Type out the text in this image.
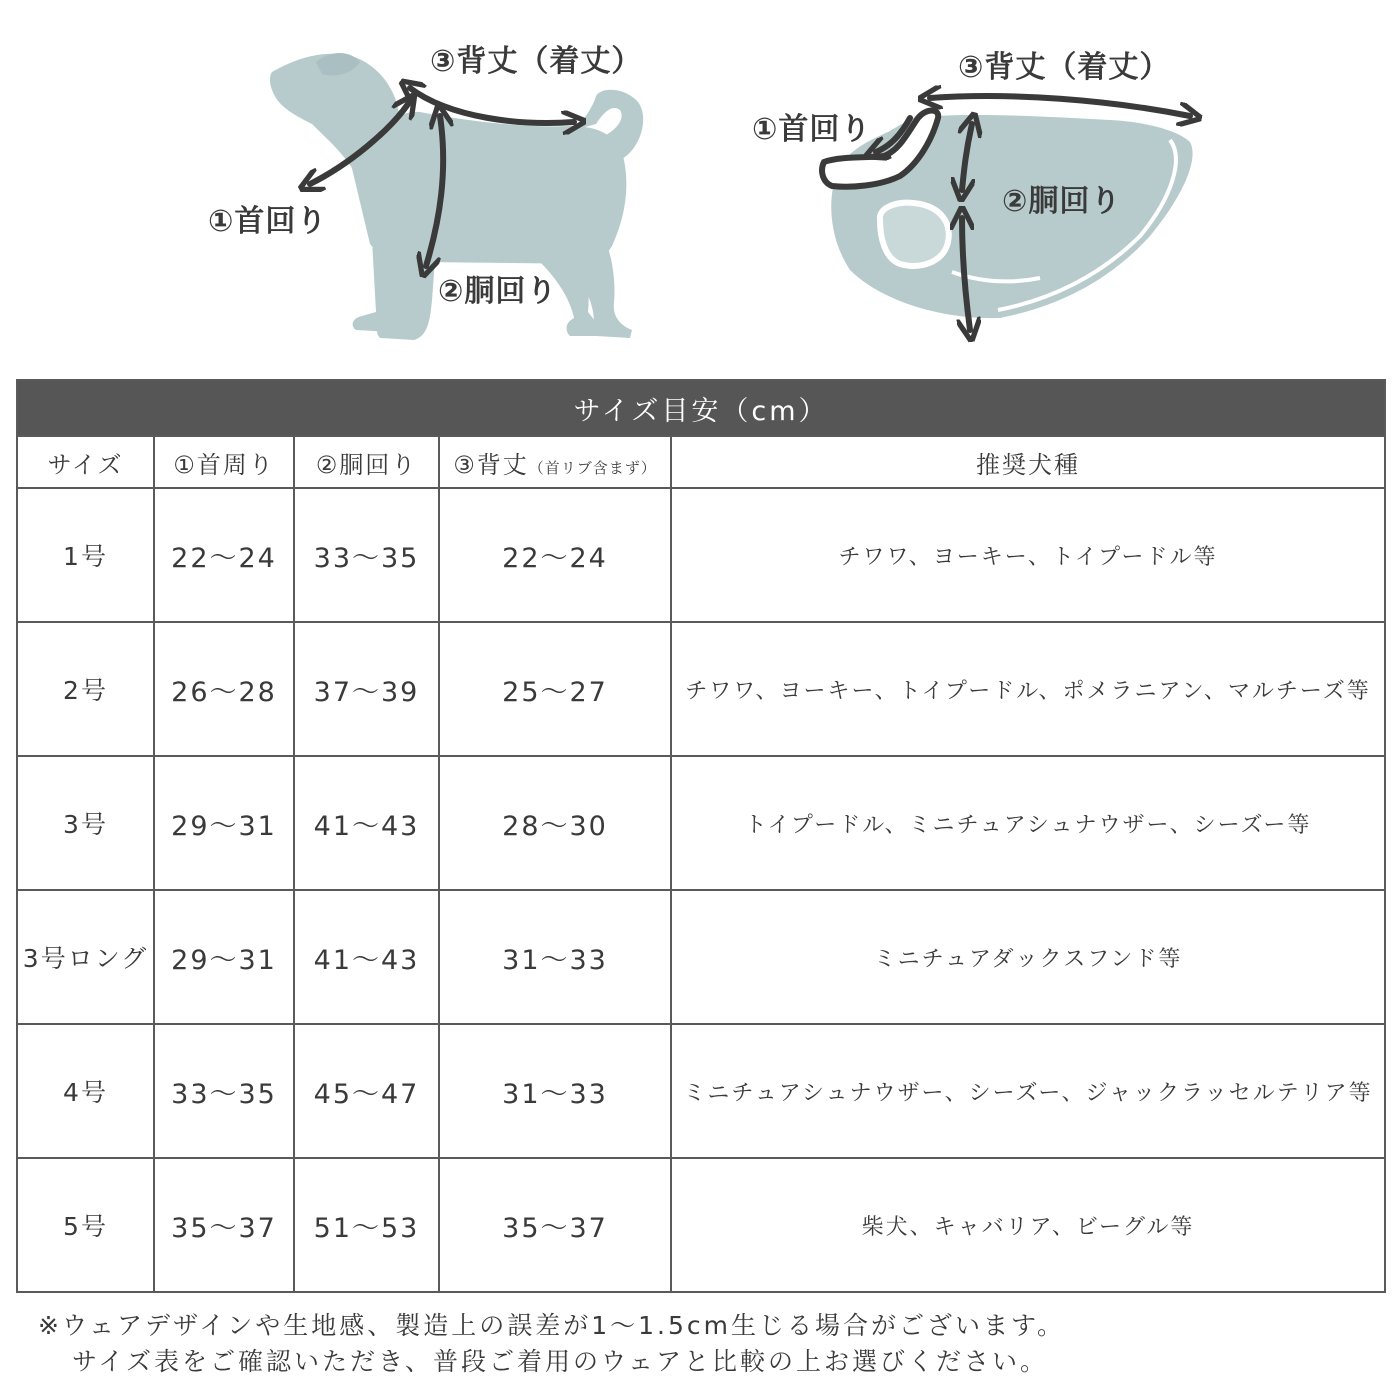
③背丈（着丈）
①首回り
②胴回り
③背丈（着丈）
①首回り
②胴回り
サイズ目安（cm）				
サイズ	①首周り	②胴回り	③背丈（首リブ含まず）	推奨犬種
1号	22～24	33～35	22～24	チワワ、ヨーキー、トイプードル等
2号	26～28	37～39	25～27	チワワ、ヨーキー、トイプードル、ポメラニアン、マルチーズ等
3号	29～31	41～43	28～30	トイプードル、ミニチュアシュナウザー、シーズー等
3号ロング	29～31	41～43	31～33	ミニチュアダックスフンド等
4号	33～35	45～47	31～33	ミニチュアシュナウザー、シーズー、ジャックラッセルテリア等
5号	35～37	51～53	35～37	柴犬、キャバリア、ビーグル等
※ウェアデザインや生地感、製造上の誤差が1～1.5cm生じる場合がございます。
サイズ表をご確認いただき、普段ご着用のウェアと比較の上お選びください。
